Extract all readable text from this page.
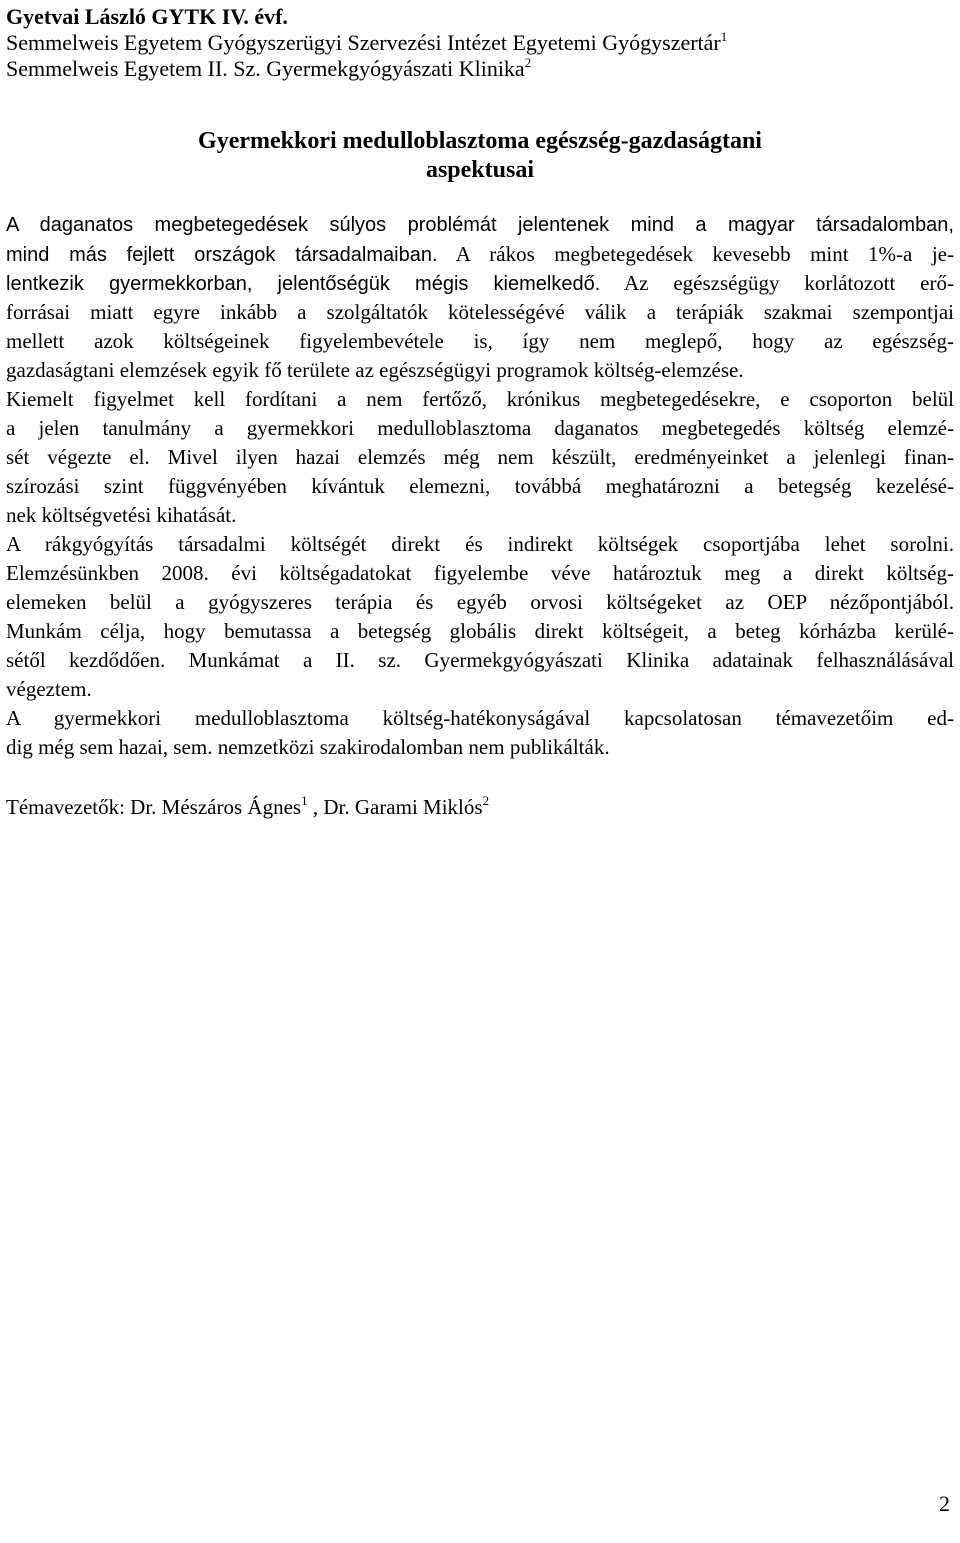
Gyetvai László GYTK IV. évf.
Semmelweis Egyetem Gyógyszerügyi Szervezési Intézet Egyetemi Gyógyszertár$^1$
Semmelweis Egyetem II. Sz. Gyermekgyógyászati Klinika$^2$
Gyermekkori medulloblasztoma egészség-gazdaságtani
aspektusai
A daganatos megbetegedések súlyos problémát jelentenek mind a magyar társadalomban,
mind más fejlett országok társadalmaiban. A rákos megbetegedések kevesebb mint 1%-a je-
lentkezik gyermekkorban, jelentőségük mégis kiemelkedő. Az egészségügy korlátozott erő-
forrásai miatt egyre inkább a szolgáltatók kötelességévé válik a terápiák szakmai szempontjai
mellett azok költségeinek figyelembevétele is, így nem meglepő, hogy az egészség-
gazdaságtani elemzések egyik fő területe az egészségügyi programok költség-elemzése.
Kiemelt figyelmet kell fordítani a nem fertőző, krónikus megbetegedésekre, e csoporton belül
a jelen tanulmány a gyermekkori medulloblasztoma daganatos megbetegedés költség elemzé-
sét végezte el. Mivel ilyen hazai elemzés még nem készült, eredményeinket a jelenlegi finan-
szírozási szint függvényében kívántuk elemezni, továbbá meghatározni a betegség kezelésé-
nek költségvetési kihatását.
A rákgyógyítás társadalmi költségét direkt és indirekt költségek csoportjába lehet sorolni.
Elemzésünkben 2008. évi költségadatokat figyelembe véve határoztuk meg a direkt költség-
elemeken belül a gyógyszeres terápia és egyéb orvosi költségeket az OEP nézőpontjából.
Munkám célja, hogy bemutassa a betegség globális direkt költségeit, a beteg kórházba kerülé-
sétől kezdődően. Munkámat a II. sz. Gyermekgyógyászati Klinika adatainak felhasználásával
végeztem.
A gyermekkori medulloblasztoma költség-hatékonyságával kapcsolatosan témavezetőim ed-
dig még sem hazai, sem. nemzetközi szakirodalomban nem publikálták.
Témavezetők: Dr. Mészáros Ágnes$^1$ , Dr. Garami Miklós$^2$
2
